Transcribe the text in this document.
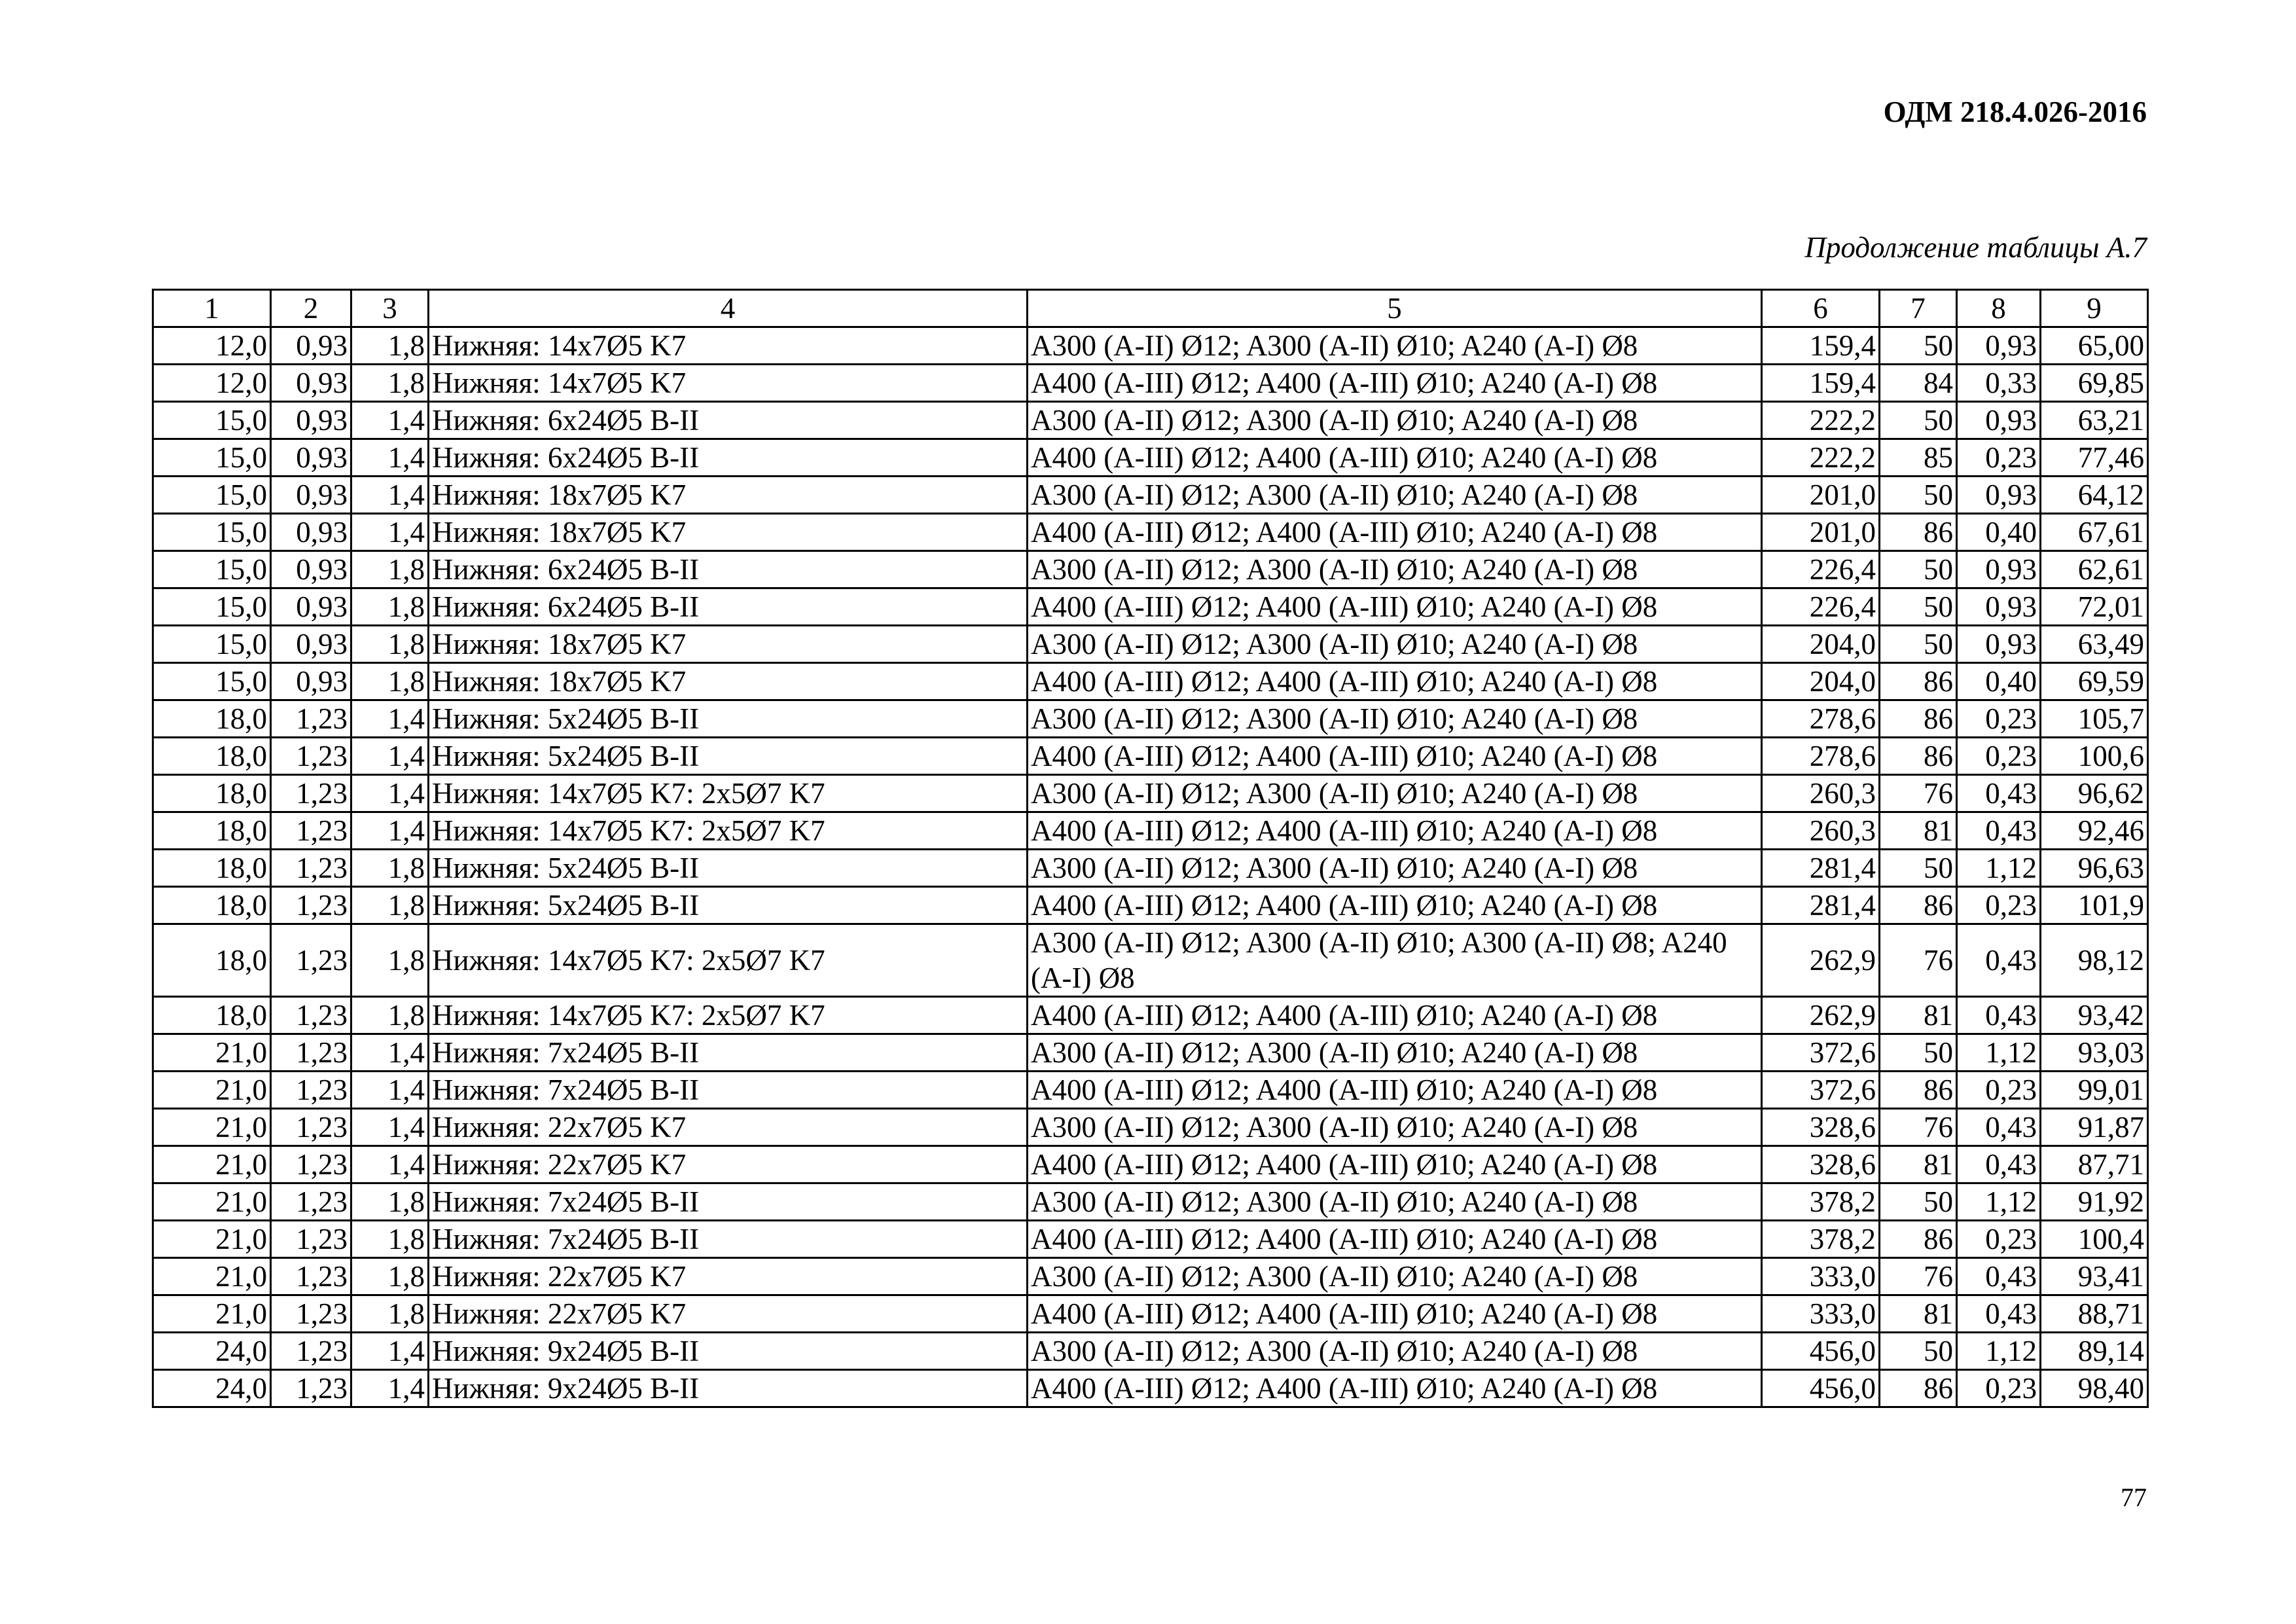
ОДМ 218.4.026-2016
Продолжение таблицы А.7
1	2	3	4	5	6	7	8	9
12,0	0,93	1,8	Нижняя: 14x7Ø5 K7	A300 (A-II) Ø12; A300 (A-II) Ø10; A240 (A-I) Ø8	159,4	50	0,93	65,00
12,0	0,93	1,8	Нижняя: 14x7Ø5 K7	A400 (A-III) Ø12; A400 (A-III) Ø10; A240 (A-I) Ø8	159,4	84	0,33	69,85
15,0	0,93	1,4	Нижняя: 6x24Ø5 B-II	A300 (A-II) Ø12; A300 (A-II) Ø10; A240 (A-I) Ø8	222,2	50	0,93	63,21
15,0	0,93	1,4	Нижняя: 6x24Ø5 B-II	A400 (A-III) Ø12; A400 (A-III) Ø10; A240 (A-I) Ø8	222,2	85	0,23	77,46
15,0	0,93	1,4	Нижняя: 18x7Ø5 K7	A300 (A-II) Ø12; A300 (A-II) Ø10; A240 (A-I) Ø8	201,0	50	0,93	64,12
15,0	0,93	1,4	Нижняя: 18x7Ø5 K7	A400 (A-III) Ø12; A400 (A-III) Ø10; A240 (A-I) Ø8	201,0	86	0,40	67,61
15,0	0,93	1,8	Нижняя: 6x24Ø5 B-II	A300 (A-II) Ø12; A300 (A-II) Ø10; A240 (A-I) Ø8	226,4	50	0,93	62,61
15,0	0,93	1,8	Нижняя: 6x24Ø5 B-II	A400 (A-III) Ø12; A400 (A-III) Ø10; A240 (A-I) Ø8	226,4	50	0,93	72,01
15,0	0,93	1,8	Нижняя: 18x7Ø5 K7	A300 (A-II) Ø12; A300 (A-II) Ø10; A240 (A-I) Ø8	204,0	50	0,93	63,49
15,0	0,93	1,8	Нижняя: 18x7Ø5 K7	A400 (A-III) Ø12; A400 (A-III) Ø10; A240 (A-I) Ø8	204,0	86	0,40	69,59
18,0	1,23	1,4	Нижняя: 5x24Ø5 B-II	A300 (A-II) Ø12; A300 (A-II) Ø10; A240 (A-I) Ø8	278,6	86	0,23	105,7
18,0	1,23	1,4	Нижняя: 5x24Ø5 B-II	A400 (A-III) Ø12; A400 (A-III) Ø10; A240 (A-I) Ø8	278,6	86	0,23	100,6
18,0	1,23	1,4	Нижняя: 14x7Ø5 K7: 2x5Ø7 K7	A300 (A-II) Ø12; A300 (A-II) Ø10; A240 (A-I) Ø8	260,3	76	0,43	96,62
18,0	1,23	1,4	Нижняя: 14x7Ø5 K7: 2x5Ø7 K7	A400 (A-III) Ø12; A400 (A-III) Ø10; A240 (A-I) Ø8	260,3	81	0,43	92,46
18,0	1,23	1,8	Нижняя: 5x24Ø5 B-II	A300 (A-II) Ø12; A300 (A-II) Ø10; A240 (A-I) Ø8	281,4	50	1,12	96,63
18,0	1,23	1,8	Нижняя: 5x24Ø5 B-II	A400 (A-III) Ø12; A400 (A-III) Ø10; A240 (A-I) Ø8	281,4	86	0,23	101,9
18,0	1,23	1,8	Нижняя: 14x7Ø5 K7: 2x5Ø7 K7	A300 (A-II) Ø12; A300 (A-II) Ø10; A300 (A-II) Ø8; A240 (A-I) Ø8	262,9	76	0,43	98,12
18,0	1,23	1,8	Нижняя: 14x7Ø5 K7: 2x5Ø7 K7	A400 (A-III) Ø12; A400 (A-III) Ø10; A240 (A-I) Ø8	262,9	81	0,43	93,42
21,0	1,23	1,4	Нижняя: 7x24Ø5 B-II	A300 (A-II) Ø12; A300 (A-II) Ø10; A240 (A-I) Ø8	372,6	50	1,12	93,03
21,0	1,23	1,4	Нижняя: 7x24Ø5 B-II	A400 (A-III) Ø12; A400 (A-III) Ø10; A240 (A-I) Ø8	372,6	86	0,23	99,01
21,0	1,23	1,4	Нижняя: 22x7Ø5 K7	A300 (A-II) Ø12; A300 (A-II) Ø10; A240 (A-I) Ø8	328,6	76	0,43	91,87
21,0	1,23	1,4	Нижняя: 22x7Ø5 K7	A400 (A-III) Ø12; A400 (A-III) Ø10; A240 (A-I) Ø8	328,6	81	0,43	87,71
21,0	1,23	1,8	Нижняя: 7x24Ø5 B-II	A300 (A-II) Ø12; A300 (A-II) Ø10; A240 (A-I) Ø8	378,2	50	1,12	91,92
21,0	1,23	1,8	Нижняя: 7x24Ø5 B-II	A400 (A-III) Ø12; A400 (A-III) Ø10; A240 (A-I) Ø8	378,2	86	0,23	100,4
21,0	1,23	1,8	Нижняя: 22x7Ø5 K7	A300 (A-II) Ø12; A300 (A-II) Ø10; A240 (A-I) Ø8	333,0	76	0,43	93,41
21,0	1,23	1,8	Нижняя: 22x7Ø5 K7	A400 (A-III) Ø12; A400 (A-III) Ø10; A240 (A-I) Ø8	333,0	81	0,43	88,71
24,0	1,23	1,4	Нижняя: 9x24Ø5 B-II	A300 (A-II) Ø12; A300 (A-II) Ø10; A240 (A-I) Ø8	456,0	50	1,12	89,14
24,0	1,23	1,4	Нижняя: 9x24Ø5 B-II	A400 (A-III) Ø12; A400 (A-III) Ø10; A240 (A-I) Ø8	456,0	86	0,23	98,40
77
